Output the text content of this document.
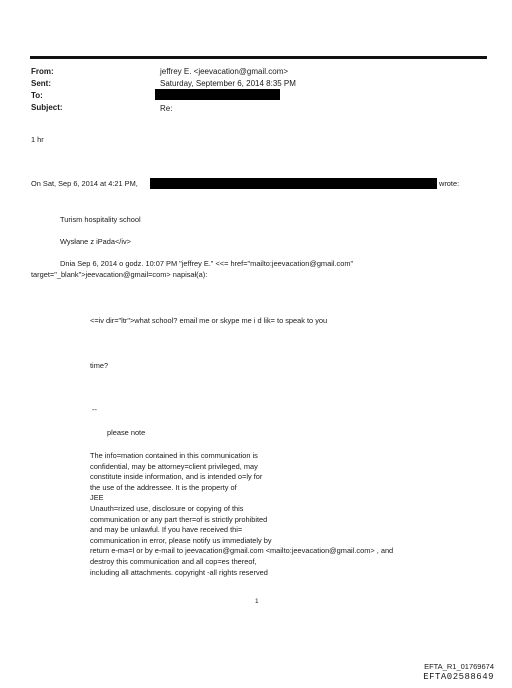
From:	jeffrey E. <jeevacation@gmail.com>
Sent:	Saturday, September 6, 2014 8:35 PM
To:
Subject:	Re:
1 hr
On Sat, Sep 6, 2014 at 4:21 PM,	wrote:
Turism hospitality school
Wysłane z iPada</iv>
Dnia Sep 6, 2014 o godz. 10:07 PM "jeffrey E." <<= href="mailto:jeevacation@gmail.com"
target="_blank">jeevacation@gmail=com> napisał(a):
<=iv dir="ltr">what school? email me or skype me i d lik= to speak to you
time?
--
please note
The info=mation contained in this communication is
confidential, may be attorney=client privileged, may
constitute inside information, and is intended o=ly for
the use of the addressee. It is the property of
JEE
Unauth=rized use, disclosure or copying of this
communication or any part ther=of is strictly prohibited
and may be unlawful. If you have received thi=
communication in error, please notify us immediately by
return e-ma=l or by e-mail to jeevacation@gmail.com <mailto:jeevacation@gmail.com> , and
destroy this communication and all cop=es thereof,
including all attachments. copyright -all rights reserved
1
EFTA_R1_01769674
EFTA02588649
